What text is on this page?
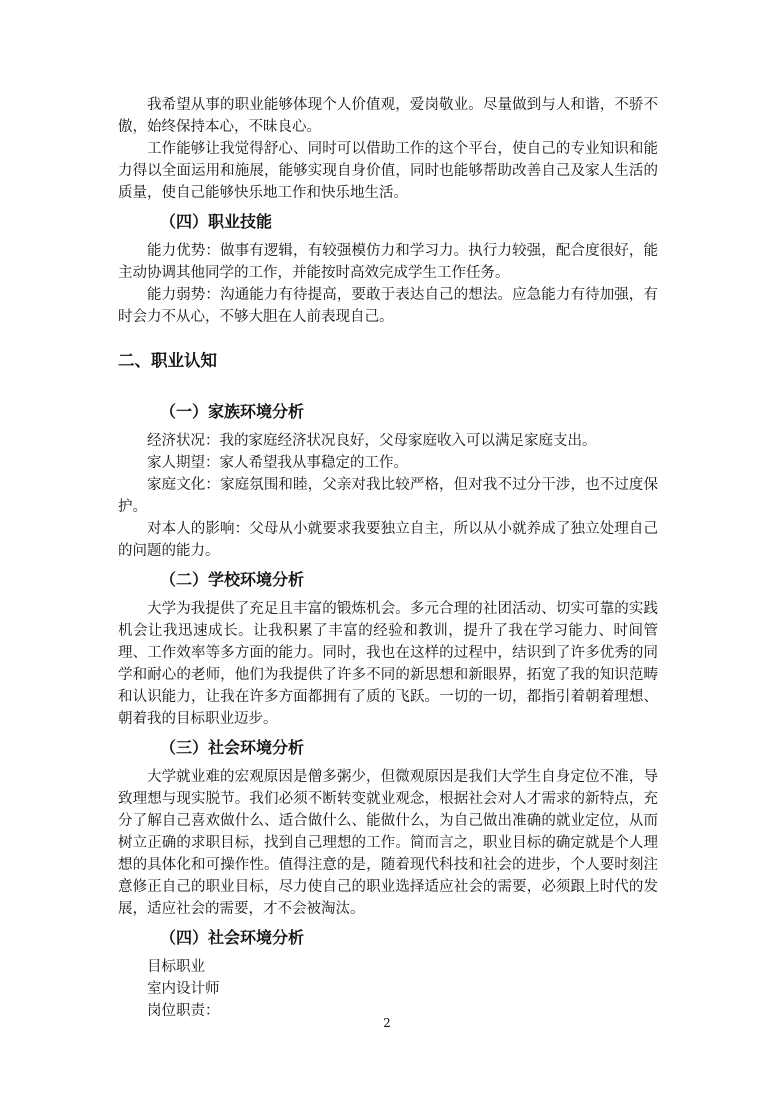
我希望从事的职业能够体现个人价值观，爱岗敬业。尽量做到与人和谐，不骄不傲，始终保持本心，不昧良心。

工作能够让我觉得舒心、同时可以借助工作的这个平台，使自己的专业知识和能力得以全面运用和施展，能够实现自身价值，同时也能够帮助改善自己及家人生活的质量，使自己能够快乐地工作和快乐地生活。

（四）职业技能

能力优势：做事有逻辑，有较强模仿力和学习力。执行力较强，配合度很好，能主动协调其他同学的工作，并能按时高效完成学生工作任务。

能力弱势：沟通能力有待提高，要敢于表达自己的想法。应急能力有待加强，有时会力不从心，不够大胆在人前表现自己。

二、职业认知
（一）家族环境分析

经济状况：我的家庭经济状况良好，父母家庭收入可以满足家庭支出。

家人期望：家人希望我从事稳定的工作。

家庭文化：家庭氛围和睦，父亲对我比较严格，但对我不过分干涉，也不过度保护。

对本人的影响：父母从小就要求我要独立自主，所以从小就养成了独立处理自己的问题的能力。

（二）学校环境分析

大学为我提供了充足且丰富的锻炼机会。多元合理的社团活动、切实可靠的实践机会让我迅速成长。让我积累了丰富的经验和教训，提升了我在学习能力、时间管理、工作效率等多方面的能力。同时，我也在这样的过程中，结识到了许多优秀的同学和耐心的老师，他们为我提供了许多不同的新思想和新眼界，拓宽了我的知识范畴和认识能力，让我在许多方面都拥有了质的飞跃。一切的一切，都指引着朝着理想、朝着我的目标职业迈步。

（三）社会环境分析

大学就业难的宏观原因是僧多粥少，但微观原因是我们大学生自身定位不准，导致理想与现实脱节。我们必须不断转变就业观念，根据社会对人才需求的新特点，充分了解自己喜欢做什么、适合做什么、能做什么，为自己做出准确的就业定位，从而树立正确的求职目标，找到自己理想的工作。简而言之，职业目标的确定就是个人理想的具体化和可操作性。值得注意的是，随着现代科技和社会的进步，个人要时刻注意修正自己的职业目标，尽力使自己的职业选择适应社会的需要，必须跟上时代的发展，适应社会的需要，才不会被淘汰。

（四）社会环境分析

目标职业

室内设计师

岗位职责：

2
